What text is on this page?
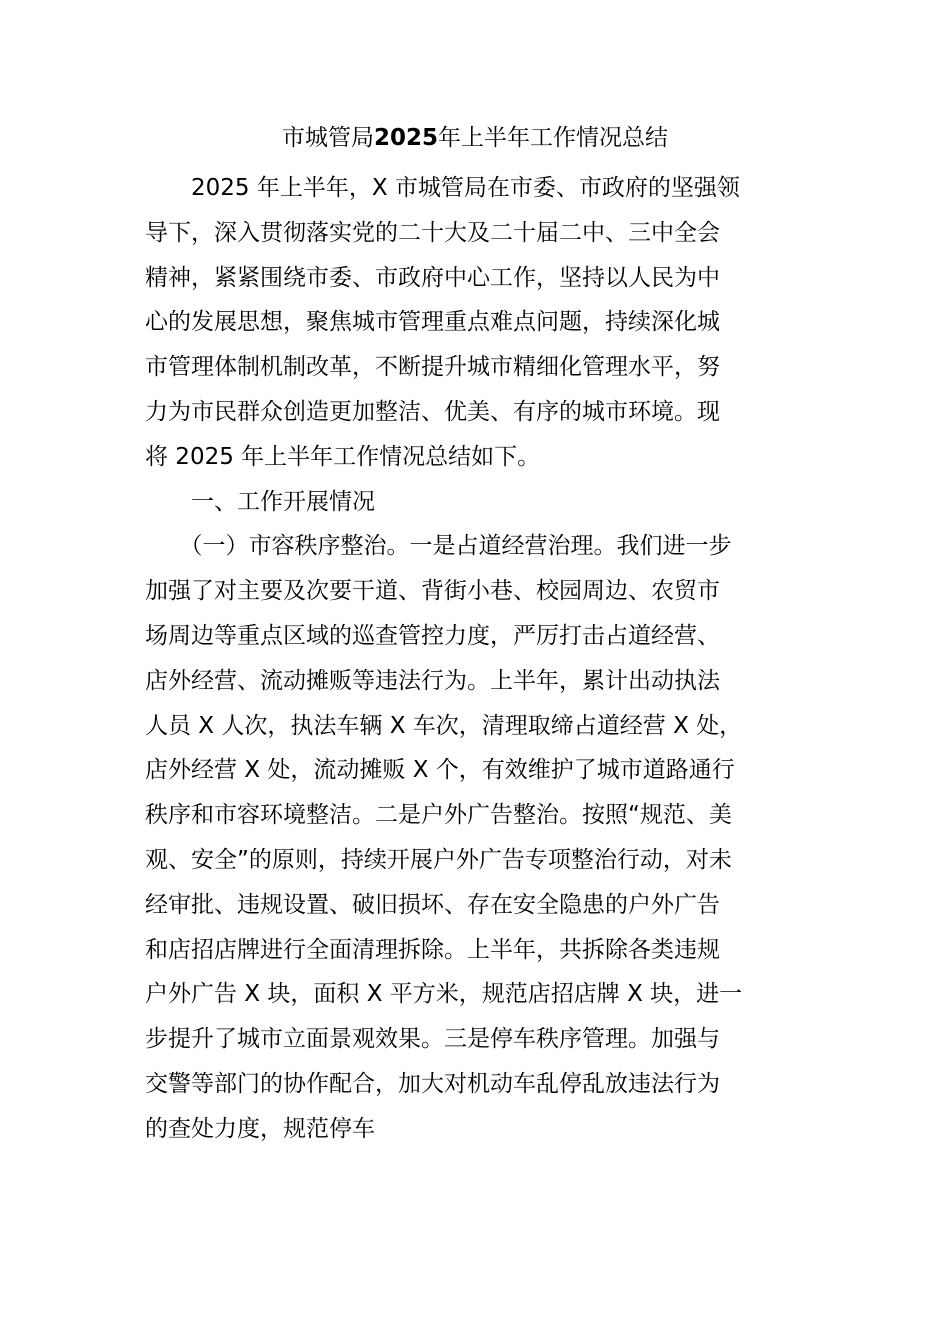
市城管局2025年上半年工作情况总结
　　2025 年上半年，X 市城管局在市委、市政府的坚强领
导下，深入贯彻落实党的二十大及二十届二中、三中全会
精神，紧紧围绕市委、市政府中心工作，坚持以人民为中
心的发展思想，聚焦城市管理重点难点问题，持续深化城
市管理体制机制改革，不断提升城市精细化管理水平，努
力为市民群众创造更加整洁、优美、有序的城市环境。现
将 2025 年上半年工作情况总结如下。
　　一、工作开展情况
　　（一）市容秩序整治。一是占道经营治理。我们进一步
加强了对主要及次要干道、背街小巷、校园周边、农贸市
场周边等重点区域的巡查管控力度，严厉打击占道经营、
店外经营、流动摊贩等违法行为。上半年，累计出动执法
人员 X 人次，执法车辆 X 车次，清理取缔占道经营 X 处，
店外经营 X 处，流动摊贩 X 个，有效维护了城市道路通行
秩序和市容环境整洁。二是户外广告整治。按照“规范、美
观、安全”的原则，持续开展户外广告专项整治行动，对未
经审批、违规设置、破旧损坏、存在安全隐患的户外广告
和店招店牌进行全面清理拆除。上半年，共拆除各类违规
户外广告 X 块，面积 X 平方米，规范店招店牌 X 块，进一
步提升了城市立面景观效果。三是停车秩序管理。加强与
交警等部门的协作配合，加大对机动车乱停乱放违法行为
的查处力度，规范停车
